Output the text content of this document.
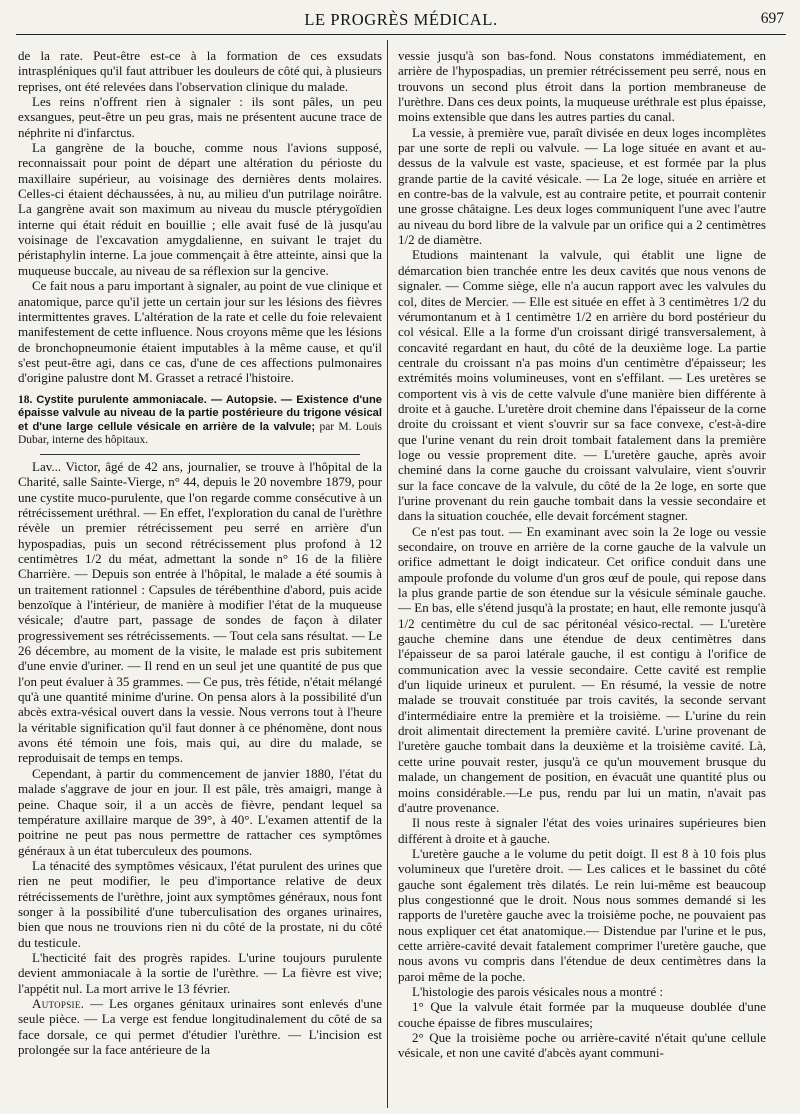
LE PROGRÈS MÉDICAL.	697

de la rate. Peut-être est-ce à la formation de ces exsudats intraspléniques qu'il faut attribuer les douleurs de côté qui, à plusieurs reprises, ont été relevées dans l'observation clinique du malade.

Les reins n'offrent rien à signaler : ils sont pâles, un peu exsangues, peut-être un peu gras, mais ne présentent aucune trace de néphrite ni d'infarctus.

La gangrène de la bouche, comme nous l'avions supposé, reconnaissait pour point de départ une altération du périoste du maxillaire supérieur, au voisinage des dernières dents molaires. Celles-ci étaient déchaussées, à nu, au milieu d'un putrilage noirâtre. La gangrène avait son maximum au niveau du muscle ptérygoïdien interne qui était réduit en bouillie ; elle avait fusé de là jusqu'au voisinage de l'excavation amygdalienne, en suivant le trajet du péristaphylin interne. La joue commençait à être atteinte, ainsi que la muqueuse buccale, au niveau de sa réflexion sur la gencive.

Ce fait nous a paru important à signaler, au point de vue clinique et anatomique, parce qu'il jette un certain jour sur les lésions des fièvres intermittentes graves. L'altération de la rate et celle du foie relevaient manifestement de cette influence. Nous croyons même que les lésions de bronchopneumonie étaient imputables à la même cause, et qu'il s'est peut-être agi, dans ce cas, d'une de ces affections pulmonaires d'origine palustre dont M. Grasset a retracé l'histoire.

18. Cystite purulente ammoniacale. — Autopsie. — Existence d'une épaisse valvule au niveau de la partie postérieure du trigone vésical et d'une large cellule vésicale en arrière de la valvule; par M. Louis Dubar, interne des hôpitaux.

Lav... Victor, âgé de 42 ans, journalier, se trouve à l'hôpital de la Charité, salle Sainte-Vierge, n° 44, depuis le 20 novembre 1879, pour une cystite muco-purulente, que l'on regarde comme consécutive à un rétrécissement uréthral. — En effet, l'exploration du canal de l'urèthre révèle un premier rétrécissement peu serré en arrière d'un hypospadias, puis un second rétrécissement plus profond à 12 centimètres 1/2 du méat, admettant la sonde n° 16 de la filière Charrière. — Depuis son entrée à l'hôpital, le malade a été soumis à un traitement rationnel : Capsules de térébenthine d'abord, puis acide benzoïque à l'intérieur, de manière à modifier l'état de la muqueuse vésicale; d'autre part, passage de sondes de façon à dilater progressivement ses rétrécissements. — Tout cela sans résultat. — Le 26 décembre, au moment de la visite, le malade est pris subitement d'une envie d'uriner. — Il rend en un seul jet une quantité de pus que l'on peut évaluer à 35 grammes. — Ce pus, très fétide, n'était mélangé qu'à une quantité minime d'urine. On pensa alors à la possibilité d'un abcès extra-vésical ouvert dans la vessie. Nous verrons tout à l'heure la véritable signification qu'il faut donner à ce phénomène, dont nous avons été témoin une fois, mais qui, au dire du malade, se reproduisait de temps en temps.

Cependant, à partir du commencement de janvier 1880, l'état du malade s'aggrave de jour en jour. Il est pâle, très amaigri, mange à peine. Chaque soir, il a un accès de fièvre, pendant lequel sa température axillaire marque de 39°, à 40°. L'examen attentif de la poitrine ne peut pas nous permettre de rattacher ces symptômes généraux à un état tuberculeux des poumons.

La ténacité des symptômes vésicaux, l'état purulent des urines que rien ne peut modifier, le peu d'importance relative de deux rétrécissements de l'urèthre, joint aux symptômes généraux, nous font songer à la possibilité d'une tuberculisation des organes urinaires, bien que nous ne trouvions rien ni du côté de la prostate, ni du côté du testicule.

L'hecticité fait des progrès rapides. L'urine toujours purulente devient ammoniacale à la sortie de l'urèthre. — La fièvre est vive; l'appétit nul. La mort arrive le 13 février.

Autopsie. — Les organes génitaux urinaires sont enlevés d'une seule pièce. — La verge est fendue longitudinalement du côté de sa face dorsale, ce qui permet d'étudier l'urèthre. — L'incision est prolongée sur la face antérieure de la

vessie jusqu'à son bas-fond. Nous constatons immédiatement, en arrière de l'hypospadias, un premier rétrécissement peu serré, nous en trouvons un second plus étroit dans la portion membraneuse de l'urèthre. Dans ces deux points, la muqueuse uréthrale est plus épaisse, moins extensible que dans les autres parties du canal.

La vessie, à première vue, paraît divisée en deux loges incomplètes par une sorte de repli ou valvule. — La loge située en avant et au-dessus de la valvule est vaste, spacieuse, et est formée par la plus grande partie de la cavité vésicale. — La 2e loge, située en arrière et en contre-bas de la valvule, est au contraire petite, et pourrait contenir une grosse châtaigne. Les deux loges communiquent l'une avec l'autre au niveau du bord libre de la valvule par un orifice qui a 2 centimètres 1/2 de diamètre.

Etudions maintenant la valvule, qui établit une ligne de démarcation bien tranchée entre les deux cavités que nous venons de signaler. — Comme siège, elle n'a aucun rapport avec les valvules du col, dites de Mercier. — Elle est située en effet à 3 centimètres 1/2 du vérumontanum et à 1 centimètre 1/2 en arrière du bord postérieur du col vésical. Elle a la forme d'un croissant dirigé transversalement, à concavité regardant en haut, du côté de la deuxième loge. La partie centrale du croissant n'a pas moins d'un centimètre d'épaisseur; les extrémités moins volumineuses, vont en s'effilant. — Les uretères se comportent vis à vis de cette valvule d'une manière bien différente à droite et à gauche. L'uretère droit chemine dans l'épaisseur de la corne droite du croissant et vient s'ouvrir sur sa face convexe, c'est-à-dire que l'urine venant du rein droit tombait fatalement dans la première loge ou vessie proprement dite. — L'uretère gauche, après avoir cheminé dans la corne gauche du croissant valvulaire, vient s'ouvrir sur la face concave de la valvule, du côté de la 2e loge, en sorte que l'urine provenant du rein gauche tombait dans la vessie secondaire et dans la situation couchée, elle devait forcément stagner.

Ce n'est pas tout. — En examinant avec soin la 2e loge ou vessie secondaire, on trouve en arrière de la corne gauche de la valvule un orifice admettant le doigt indicateur. Cet orifice conduit dans une ampoule profonde du volume d'un gros œuf de poule, qui repose dans la plus grande partie de son étendue sur la vésicule séminale gauche. — En bas, elle s'étend jusqu'à la prostate; en haut, elle remonte jusqu'à 1/2 centimètre du cul de sac péritonéal vésico-rectal. — L'uretère gauche chemine dans une étendue de deux centimètres dans l'épaisseur de sa paroi latérale gauche, il est contigu à l'orifice de communication avec la vessie secondaire. Cette cavité est remplie d'un liquide urineux et purulent. — En résumé, la vessie de notre malade se trouvait constituée par trois cavités, la seconde servant d'intermédiaire entre la première et la troisième. — L'urine du rein droit alimentait directement la première cavité. L'urine provenant de l'uretère gauche tombait dans la deuxième et la troisième cavité. Là, cette urine pouvait rester, jusqu'à ce qu'un mouvement brusque du malade, un changement de position, en évacuât une quantité plus ou moins considérable.—Le pus, rendu par lui un matin, n'avait pas d'autre provenance.

Il nous reste à signaler l'état des voies urinaires supérieures bien différent à droite et à gauche.

L'uretère gauche a le volume du petit doigt. Il est 8 à 10 fois plus volumineux que l'uretère droit. — Les calices et le bassinet du côté gauche sont également très dilatés. Le rein lui-même est beaucoup plus congestionné que le droit. Nous nous sommes demandé si les rapports de l'uretère gauche avec la troisième poche, ne pouvaient pas nous expliquer cet état anatomique.— Distendue par l'urine et le pus, cette arrière-cavité devait fatalement comprimer l'uretère gauche, que nous avons vu compris dans l'étendue de deux centimètres dans la paroi même de la poche.

L'histologie des parois vésicales nous a montré :

1° Que la valvule était formée par la muqueuse doublée d'une couche épaisse de fibres musculaires;

2° Que la troisième poche ou arrière-cavité n'était qu'une cellule vésicale, et non une cavité d'abcès ayant communi-
